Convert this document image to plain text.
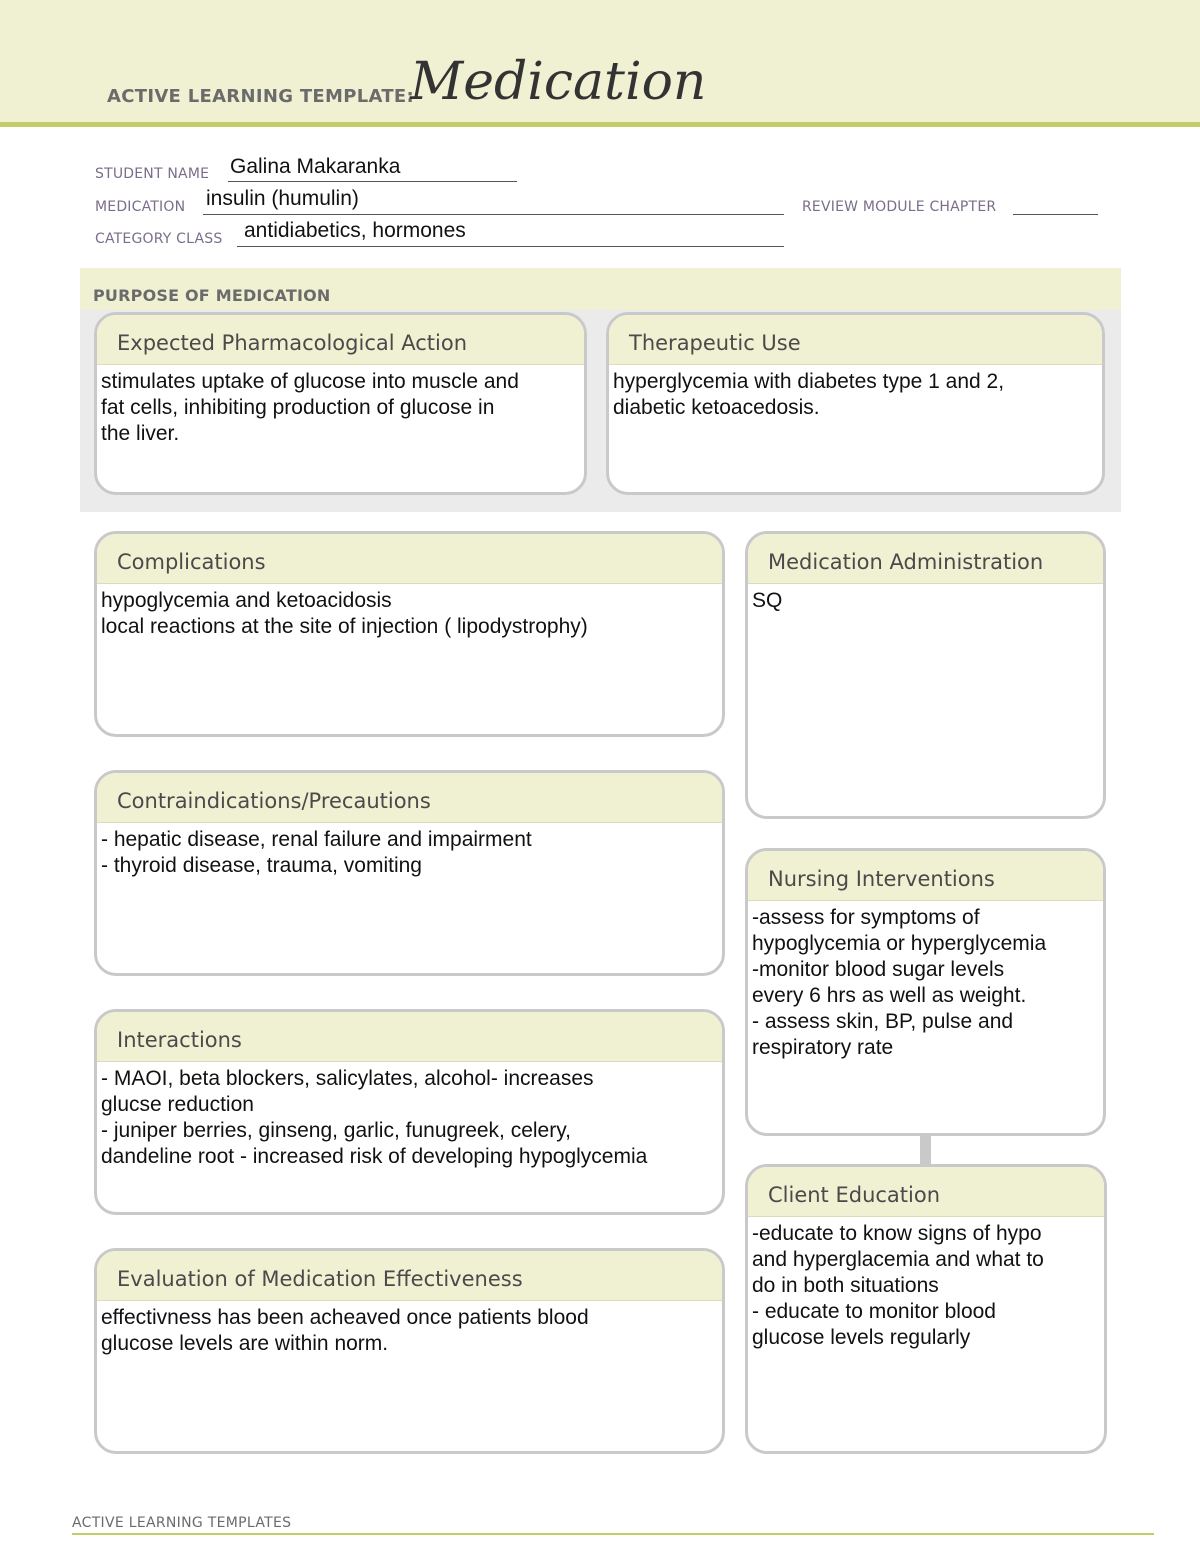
ACTIVE LEARNING TEMPLATE:
Medication
STUDENT NAME Galina Makaranka
MEDICATION insulin (humulin)	REVIEW MODULE CHAPTER
CATEGORY CLASS antidiabetics, hormones
PURPOSE OF MEDICATION
Expected Pharmacological Action
stimulates uptake of glucose into muscle and
fat cells, inhibiting production of glucose in
the liver.
Therapeutic Use
hyperglycemia with diabetes type 1 and 2,
diabetic ketoacedosis.
Complications
hypoglycemia and ketoacidosis
local reactions at the site of injection ( lipodystrophy)
Contraindications/Precautions
- hepatic disease, renal failure and impairment
- thyroid disease, trauma, vomiting
Interactions
- MAOI, beta blockers, salicylates, alcohol- increases
glucse reduction
- juniper berries, ginseng, garlic, funugreek, celery,
dandeline root - increased risk of developing hypoglycemia
Evaluation of Medication Effectiveness
effectivness has been acheaved once patients blood
glucose levels are within norm.
Medication Administration
SQ
Nursing Interventions
-assess for symptoms of
hypoglycemia or hyperglycemia
-monitor blood sugar levels
every 6 hrs as well as weight.
- assess skin, BP, pulse and
respiratory rate
Client Education
-educate to know signs of hypo
and hyperglacemia and what to
do in both situations
- educate to monitor blood
glucose levels regularly
ACTIVE LEARNING TEMPLATES
